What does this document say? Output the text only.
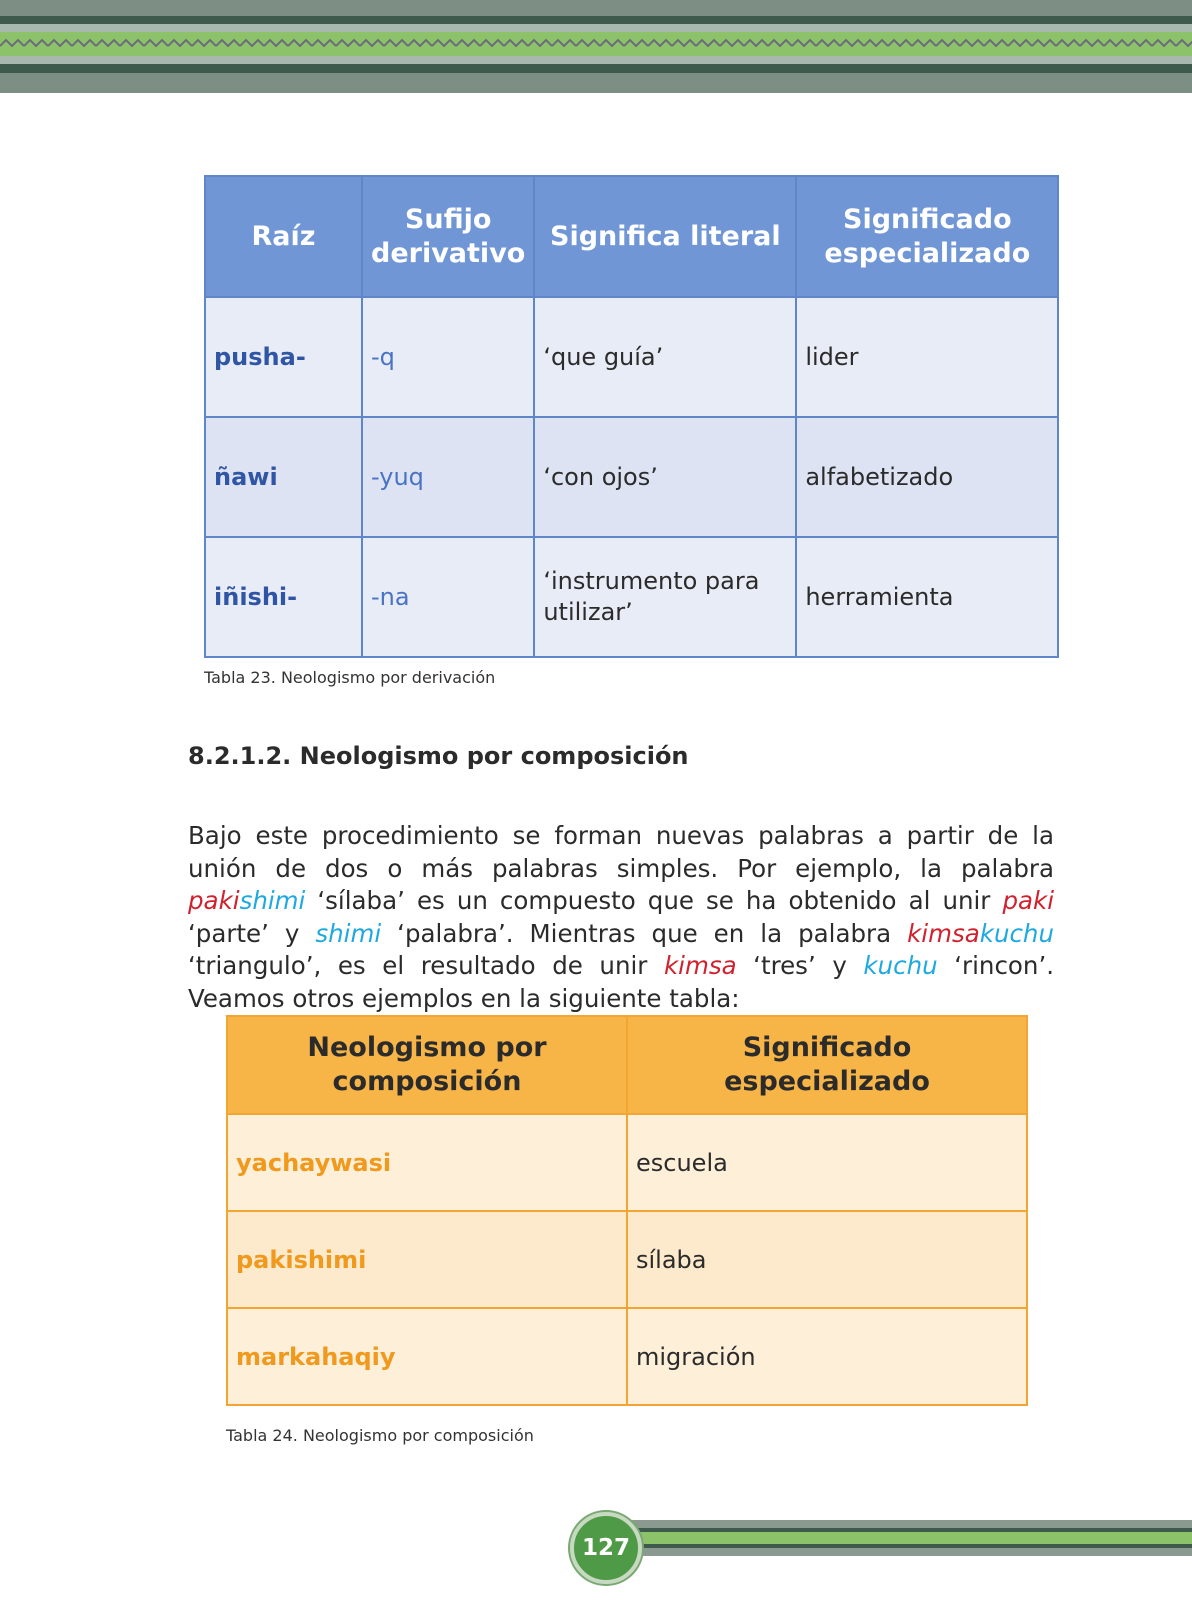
Raíz	Sufijo derivativo	Significa literal	Significado especializado
pusha-	-q	‘que guía’	lider
ñawi	-yuq	‘con ojos’	alfabetizado
iñishi-	-na	‘instrumento para utilizar’	herramienta
Tabla 23. Neologismo por derivación
8.2.1.2. Neologismo por composición
Bajo este procedimiento se forman nuevas palabras a partir de la unión de dos o más palabras simples. Por ejemplo, la palabra pakishimi ‘sílaba’ es un compuesto que se ha obtenido al unir paki ‘parte’ y shimi ‘palabra’. Mientras que en la palabra kimsakuchu ‘triangulo’, es el resultado de unir kimsa ‘tres’ y kuchu ‘rincon’. Veamos otros ejemplos en la siguiente tabla:
Neologismo por composición	Significado especializado
yachaywasi	escuela
pakishimi	sílaba
markahaqiy	migración
Tabla 24. Neologismo por composición
127
